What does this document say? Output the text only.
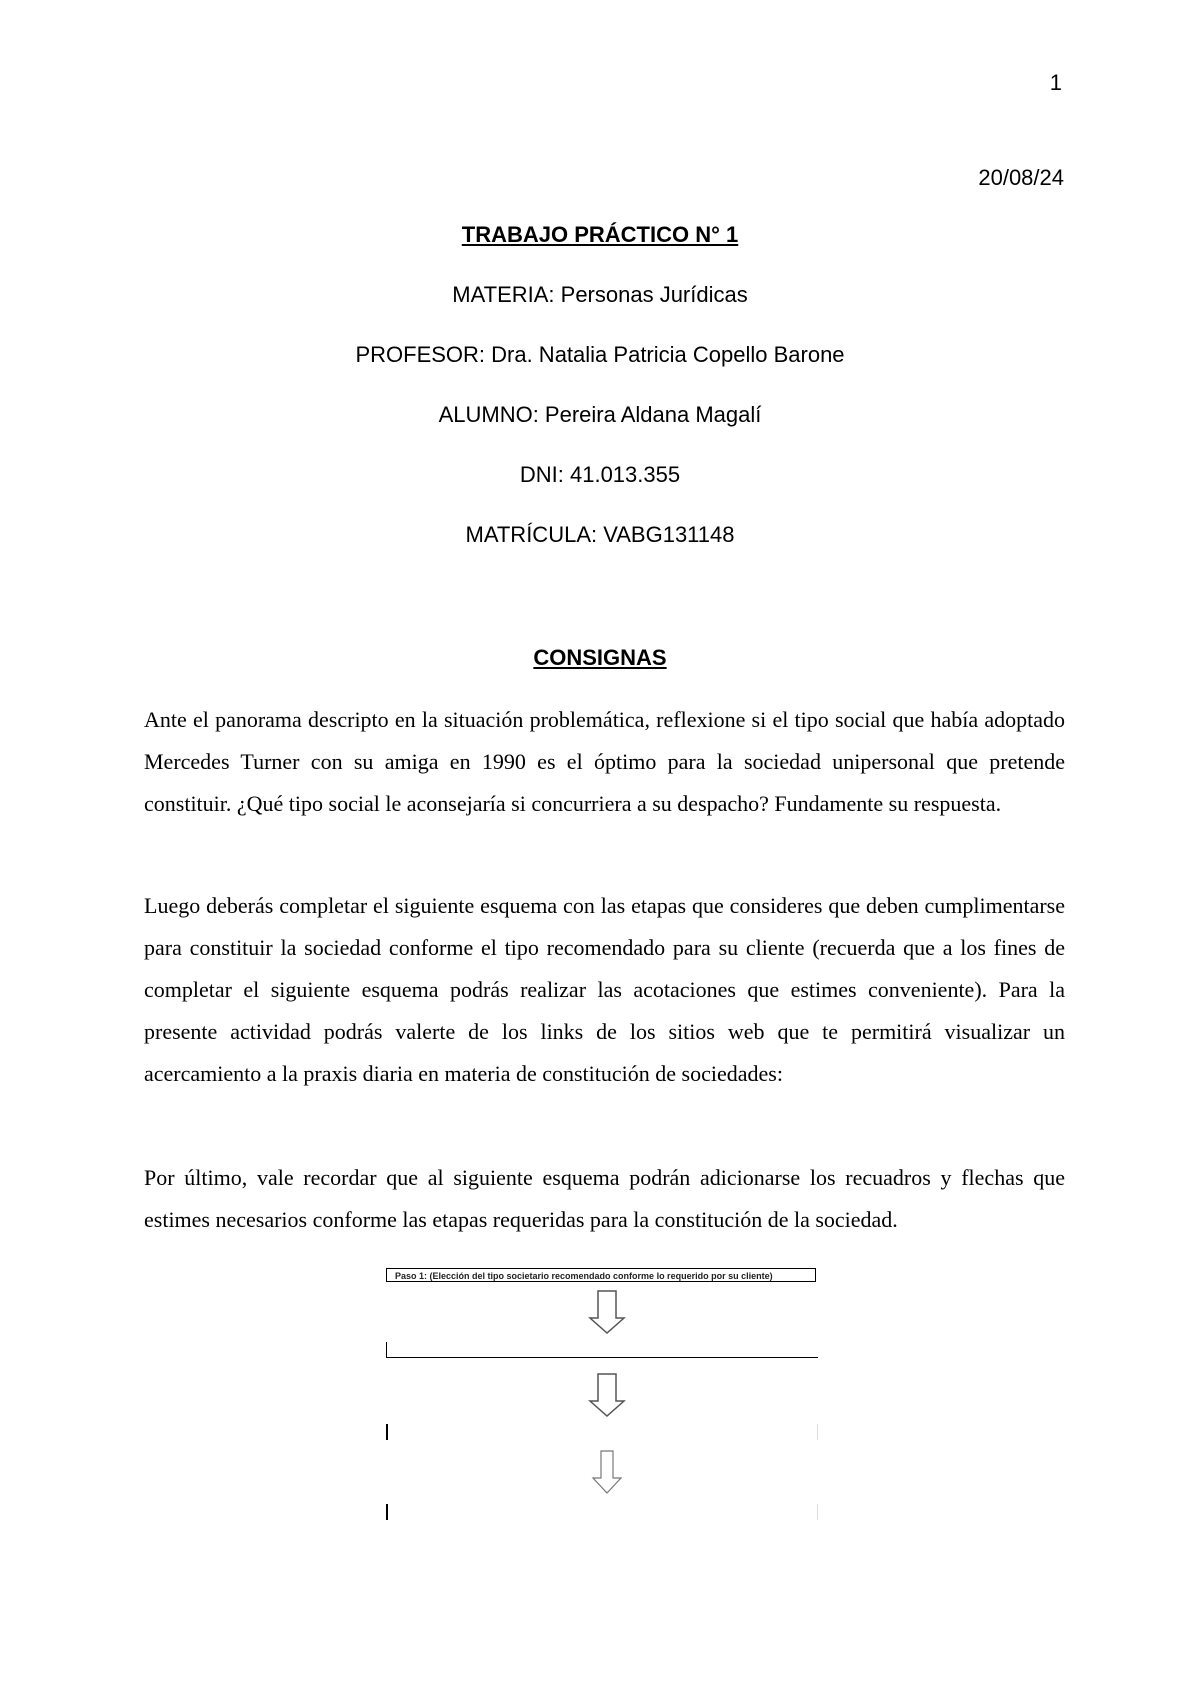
1
20/08/24
TRABAJO PRÁCTICO N° 1
MATERIA: Personas Jurídicas
PROFESOR: Dra. Natalia Patricia Copello Barone
ALUMNO: Pereira Aldana Magalí
DNI: 41.013.355
MATRÍCULA: VABG131148
CONSIGNAS

Ante el panorama descripto en la situación problemática, reflexione si el tipo social que había adoptado Mercedes Turner con su amiga en 1990 es el óptimo para la sociedad unipersonal que pretende constituir. ¿Qué tipo social le aconsejaría si concurriera a su despacho? Fundamente su respuesta.

Luego deberás completar el siguiente esquema con las etapas que consideres que deben cumplimentarse para constituir la sociedad conforme el tipo recomendado para su cliente (recuerda que a los fines de completar el siguiente esquema podrás realizar las acotaciones que estimes conveniente). Para la presente actividad podrás valerte de los links de los sitios web que te permitirá visualizar un acercamiento a la praxis diaria en materia de constitución de sociedades:

Por último, vale recordar que al siguiente esquema podrán adicionarse los recuadros y flechas que estimes necesarios conforme las etapas requeridas para la constitución de la sociedad.

Paso 1: (Elección del tipo societario recomendado conforme lo requerido por su cliente)
